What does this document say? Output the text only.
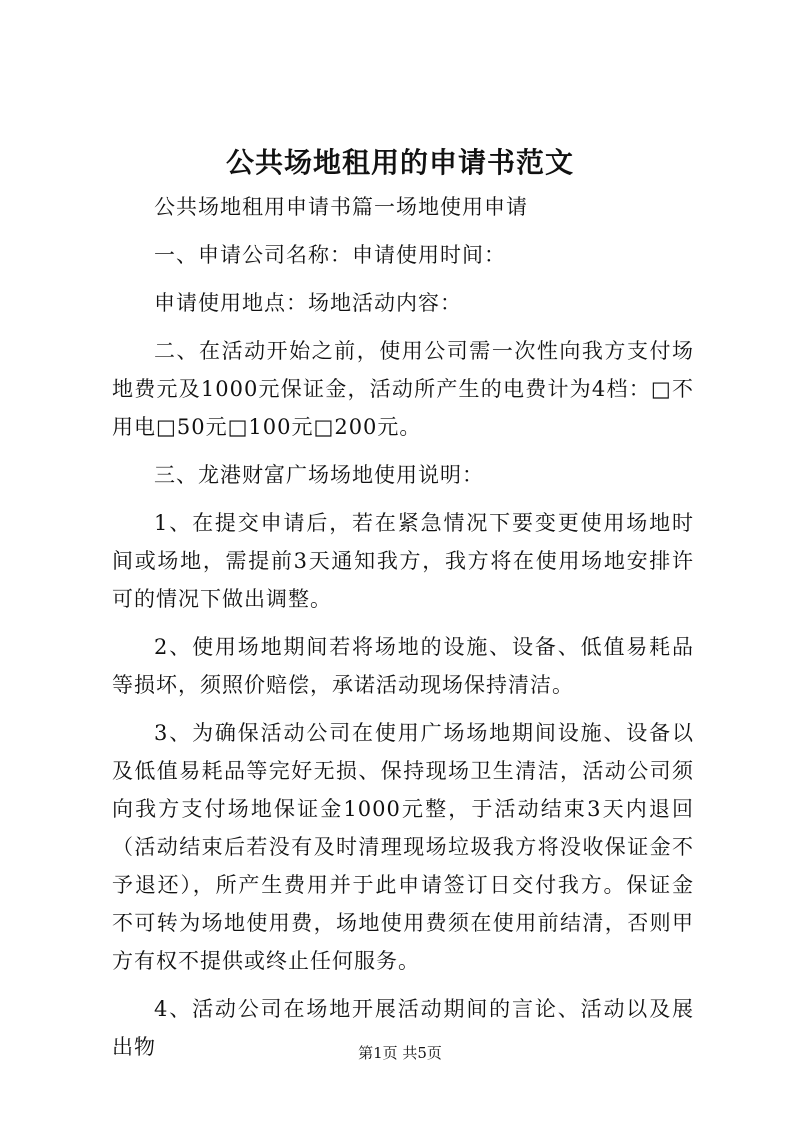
公共场地租用的申请书范文

公共场地租用申请书篇一场地使用申请

一、申请公司名称：申请使用时间：

申请使用地点：场地活动内容：

二、在活动开始之前，使用公司需一次性向我方支付场地费元及1000元保证金，活动所产生的电费计为4档：□不用电□50元□100元□200元。

三、龙港财富广场场地使用说明：

1、在提交申请后，若在紧急情况下要变更使用场地时间或场地，需提前3天通知我方，我方将在使用场地安排许可的情况下做出调整。

2、使用场地期间若将场地的设施、设备、低值易耗品等损坏，须照价赔偿，承诺活动现场保持清洁。

3、为确保活动公司在使用广场场地期间设施、设备以及低值易耗品等完好无损、保持现场卫生清洁，活动公司须向我方支付场地保证金1000元整，于活动结束3天内退回（活动结束后若没有及时清理现场垃圾我方将没收保证金不予退还），所产生费用并于此申请签订日交付我方。保证金不可转为场地使用费，场地使用费须在使用前结清，否则甲方有权不提供或终止任何服务。

4、活动公司在场地开展活动期间的言论、活动以及展出物	第1页 共5页
